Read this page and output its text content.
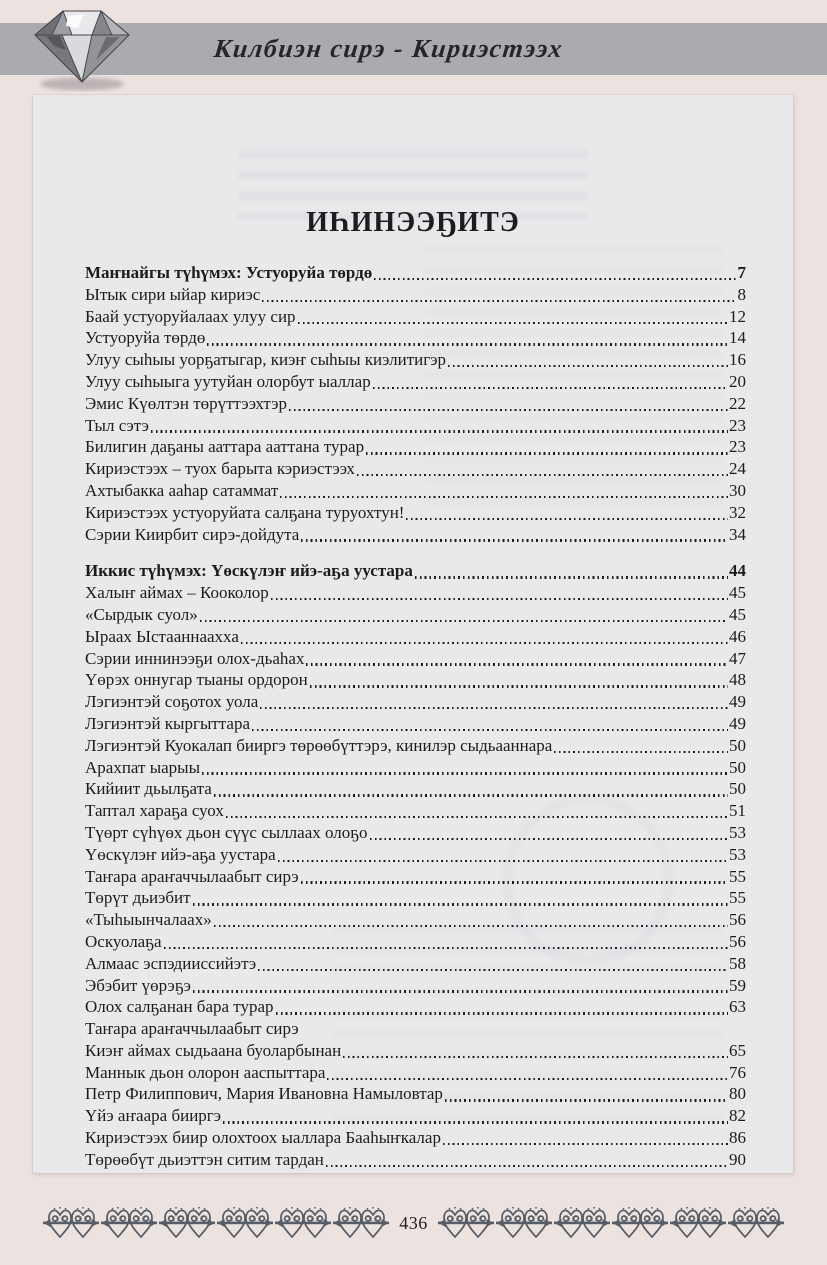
Килбиэн сирэ - Кириэстээх
ИҺИНЭЭҔИТЭ
Маҥнайгы түһүмэх: Устуоруйа төрдө	7
Ытык сири ыйар кириэс	8
Баай устуоруйалаах улуу сир	12
Устуоруйа төрдө	14
Улуу сыһыы уорҕатыгар, киэҥ сыһыы киэлитигэр	16
Улуу сыһыыга уутуйан олорбут ыаллар	20
Эмис Күөлтэн төрүттээхтэр	22
Тыл сэтэ	23
Билигин даҕаны ааттара ааттана турар	23
Кириэстээх – туох барыта кэриэстээх	24
Ахтыбакка ааһар сатаммат	30
Кириэстээх устуоруйата салҕана туруохтун!	32
Сэрии Киирбит сирэ-дойдута	34
Иккис түһүмэх: Үөскүлэҥ ийэ-аҕа уустара	44
Халыҥ аймах – Кооколор	45
«Сырдык суол»	45
Ыраах Ыстааннаахха	46
Сэрии иннинээҕи олох-дьаһах	47
Үөрэх оннугар тыаны ордорон	48
Лэгиэнтэй соҕотох уола	49
Лэгиэнтэй кыргыттара	49
Лэгиэнтэй Куокалап бииргэ төрөөбүттэрэ, кинилэр сыдьааннара	50
Арахпат ыарыы	50
Кийиит дьылҕата	50
Таптал хараҕа суох	51
Түөрт сүһүөх дьон сүүс сыллаах олоҕо	53
Үөскүлэҥ ийэ-аҕа уустара	53
Таҥара араҥаччылаабыт сирэ	55
Төрүт дьиэбит	55
«Тыһыынчалаах»	56
Оскуолаҕа	56
Алмаас эспэдииссийэтэ	58
Эбэбит үөрэҕэ	59
Олох салҕанан бара турар	63
Таҥара араҥаччылаабыт сирэ
Киэҥ аймах сыдьаана буоларбынан	65
Маннык дьон олорон ааспыттара	76
Петр Филиппович, Мария Ивановна Намыловтар	80
Үйэ аҥаара бииргэ	82
Кириэстээх биир олохтоох ыаллара Бааһыҥкалар	86
Төрөөбүт дьиэттэн ситим тардан	90
436
